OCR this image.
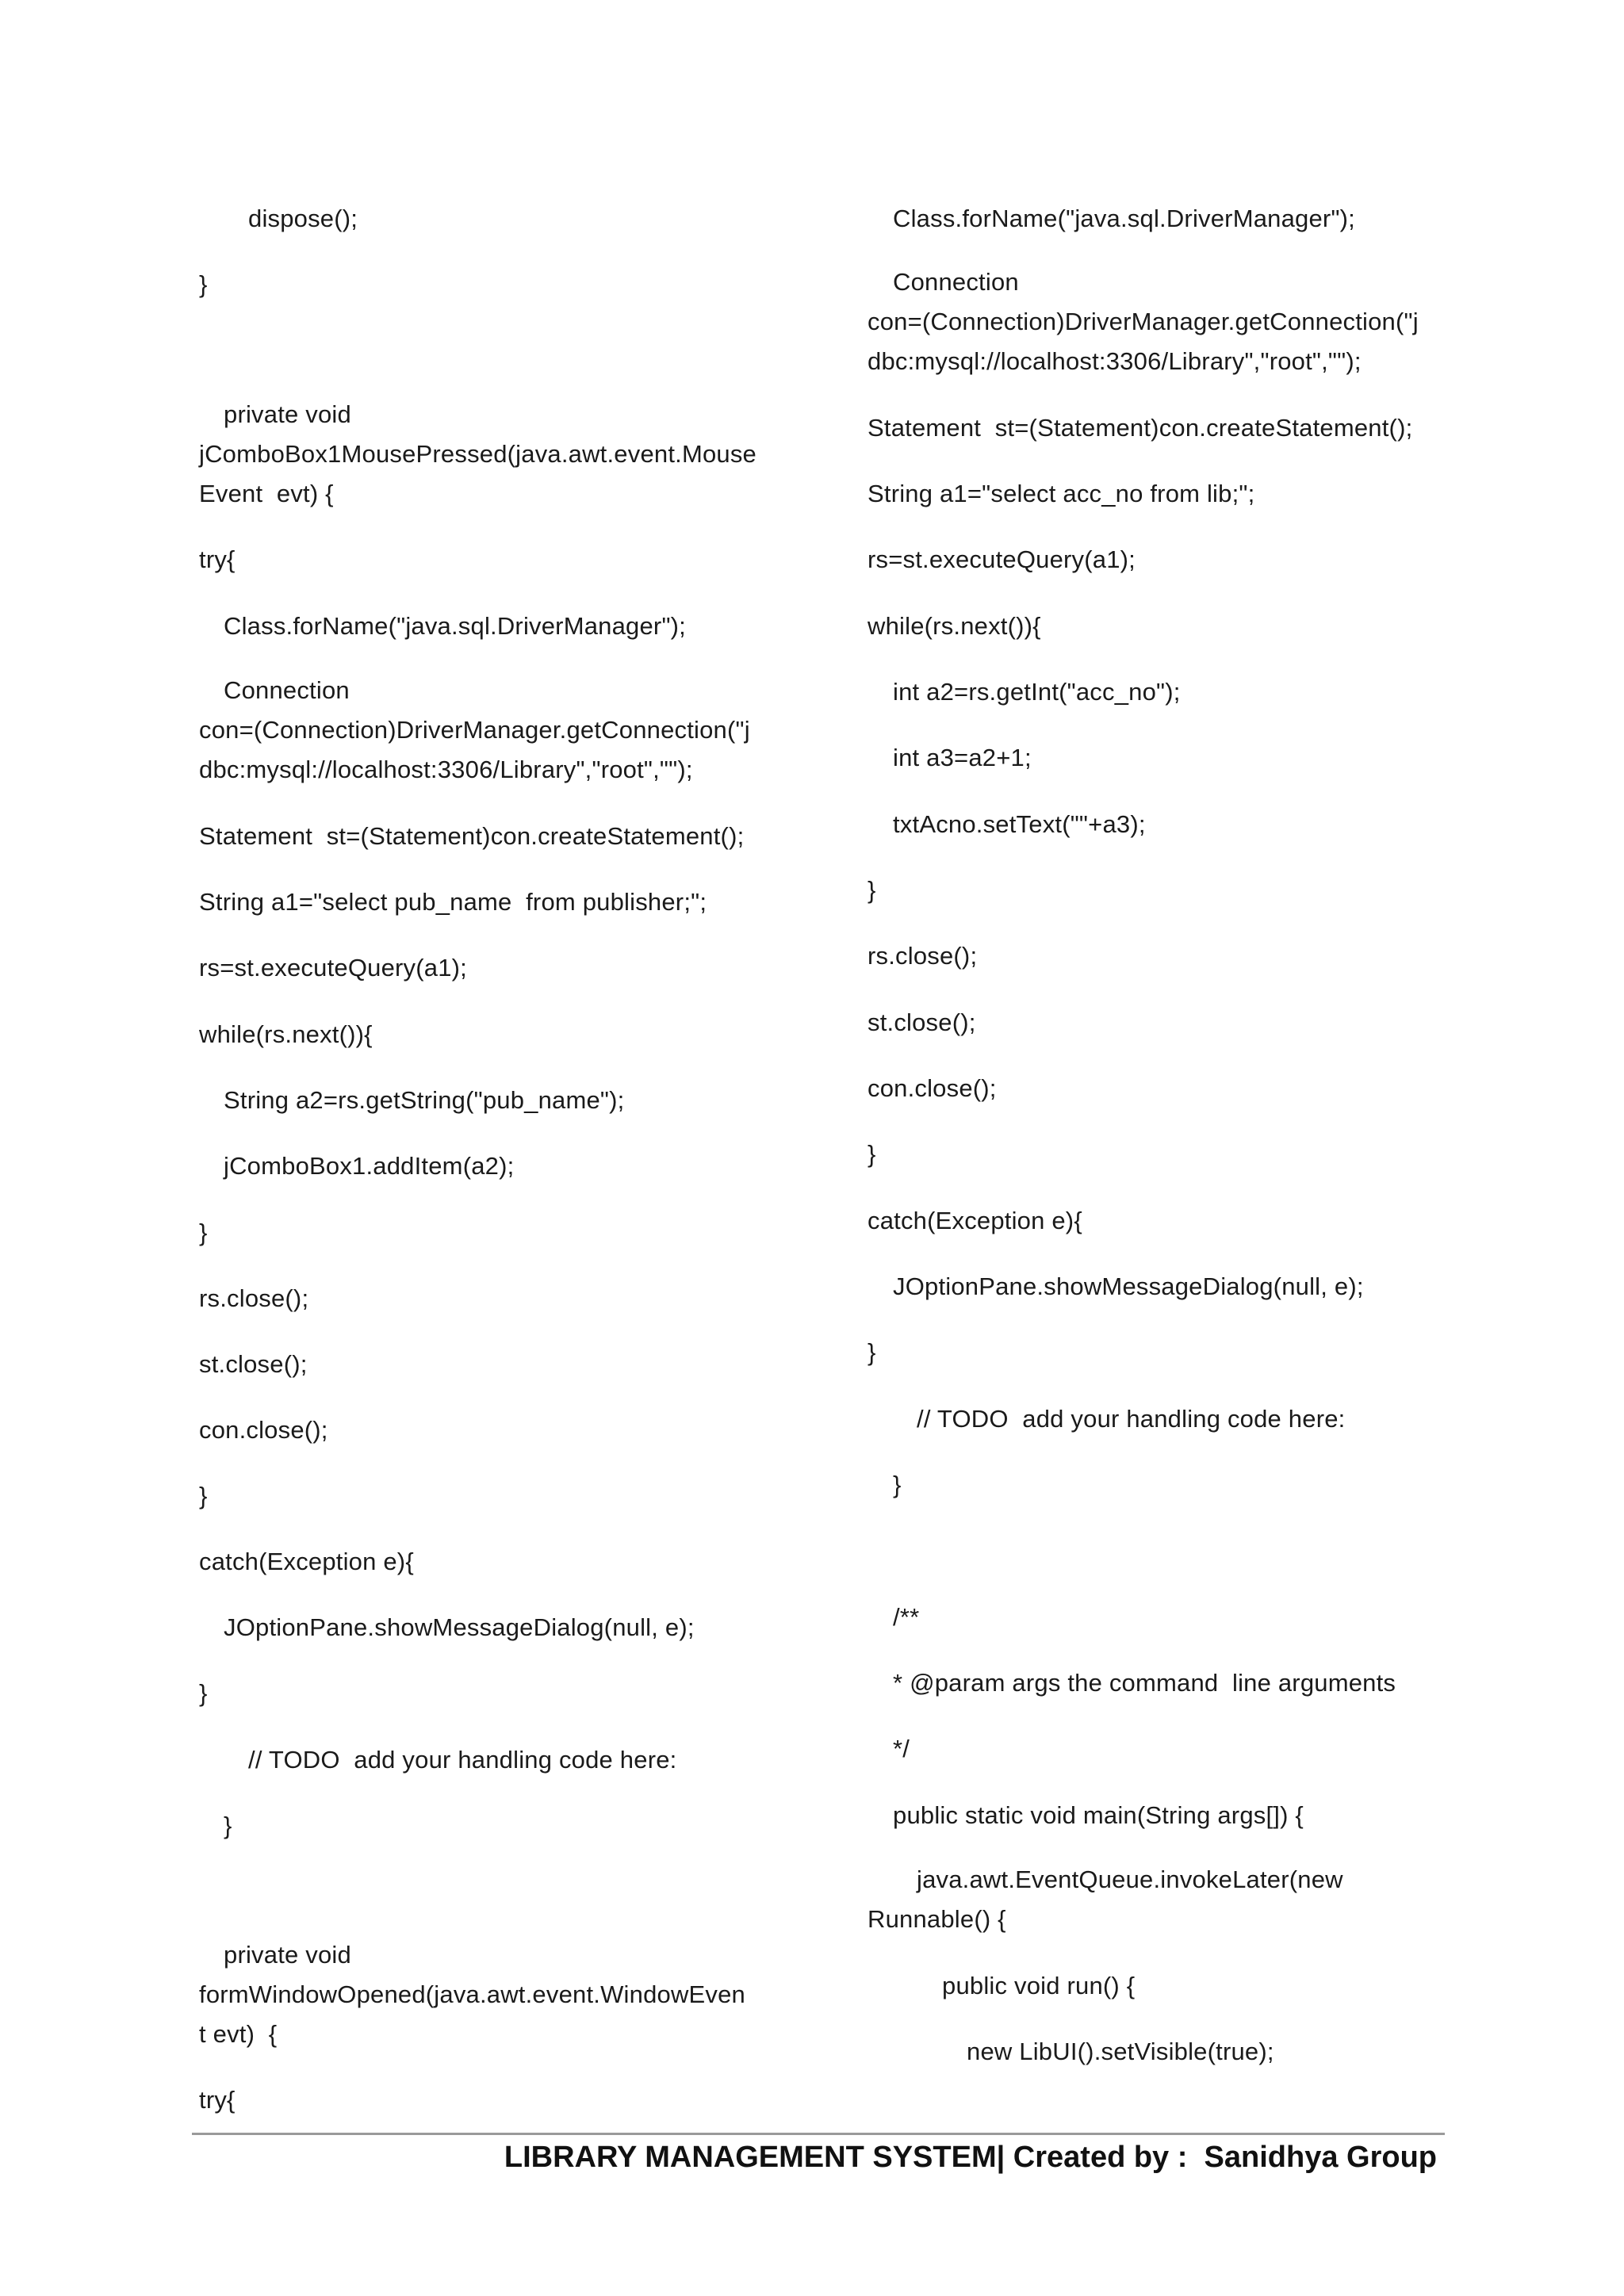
dispose();
}
private void
jComboBox1MousePressed(java.awt.event.Mouse
Event  evt) {
try{
Class.forName("java.sql.DriverManager");
Connection
con=(Connection)DriverManager.getConnection("j
dbc:mysql://localhost:3306/Library","root","");
Statement  st=(Statement)con.createStatement();
String a1="select pub_name  from publisher;";
rs=st.executeQuery(a1);
while(rs.next()){
String a2=rs.getString("pub_name");
jComboBox1.addItem(a2);
}
rs.close();
st.close();
con.close();
}
catch(Exception e){
JOptionPane.showMessageDialog(null, e);
}
// TODO  add your handling code here:
}
private void
formWindowOpened(java.awt.event.WindowEven
t evt)  {
try{
Class.forName("java.sql.DriverManager");
Connection
con=(Connection)DriverManager.getConnection("j
dbc:mysql://localhost:3306/Library","root","");
Statement  st=(Statement)con.createStatement();
String a1="select acc_no from lib;";
rs=st.executeQuery(a1);
while(rs.next()){
int a2=rs.getInt("acc_no");
int a3=a2+1;
txtAcno.setText(""+a3);
}
rs.close();
st.close();
con.close();
}
catch(Exception e){
JOptionPane.showMessageDialog(null, e);
}
// TODO  add your handling code here:
}
/**
* @param args the command  line arguments
*/
public static void main(String args[]) {
java.awt.EventQueue.invokeLater(new
Runnable() {
public void run() {
new LibUI().setVisible(true);
LIBRARY MANAGEMENT SYSTEM| Created by :  Sanidhya Group
